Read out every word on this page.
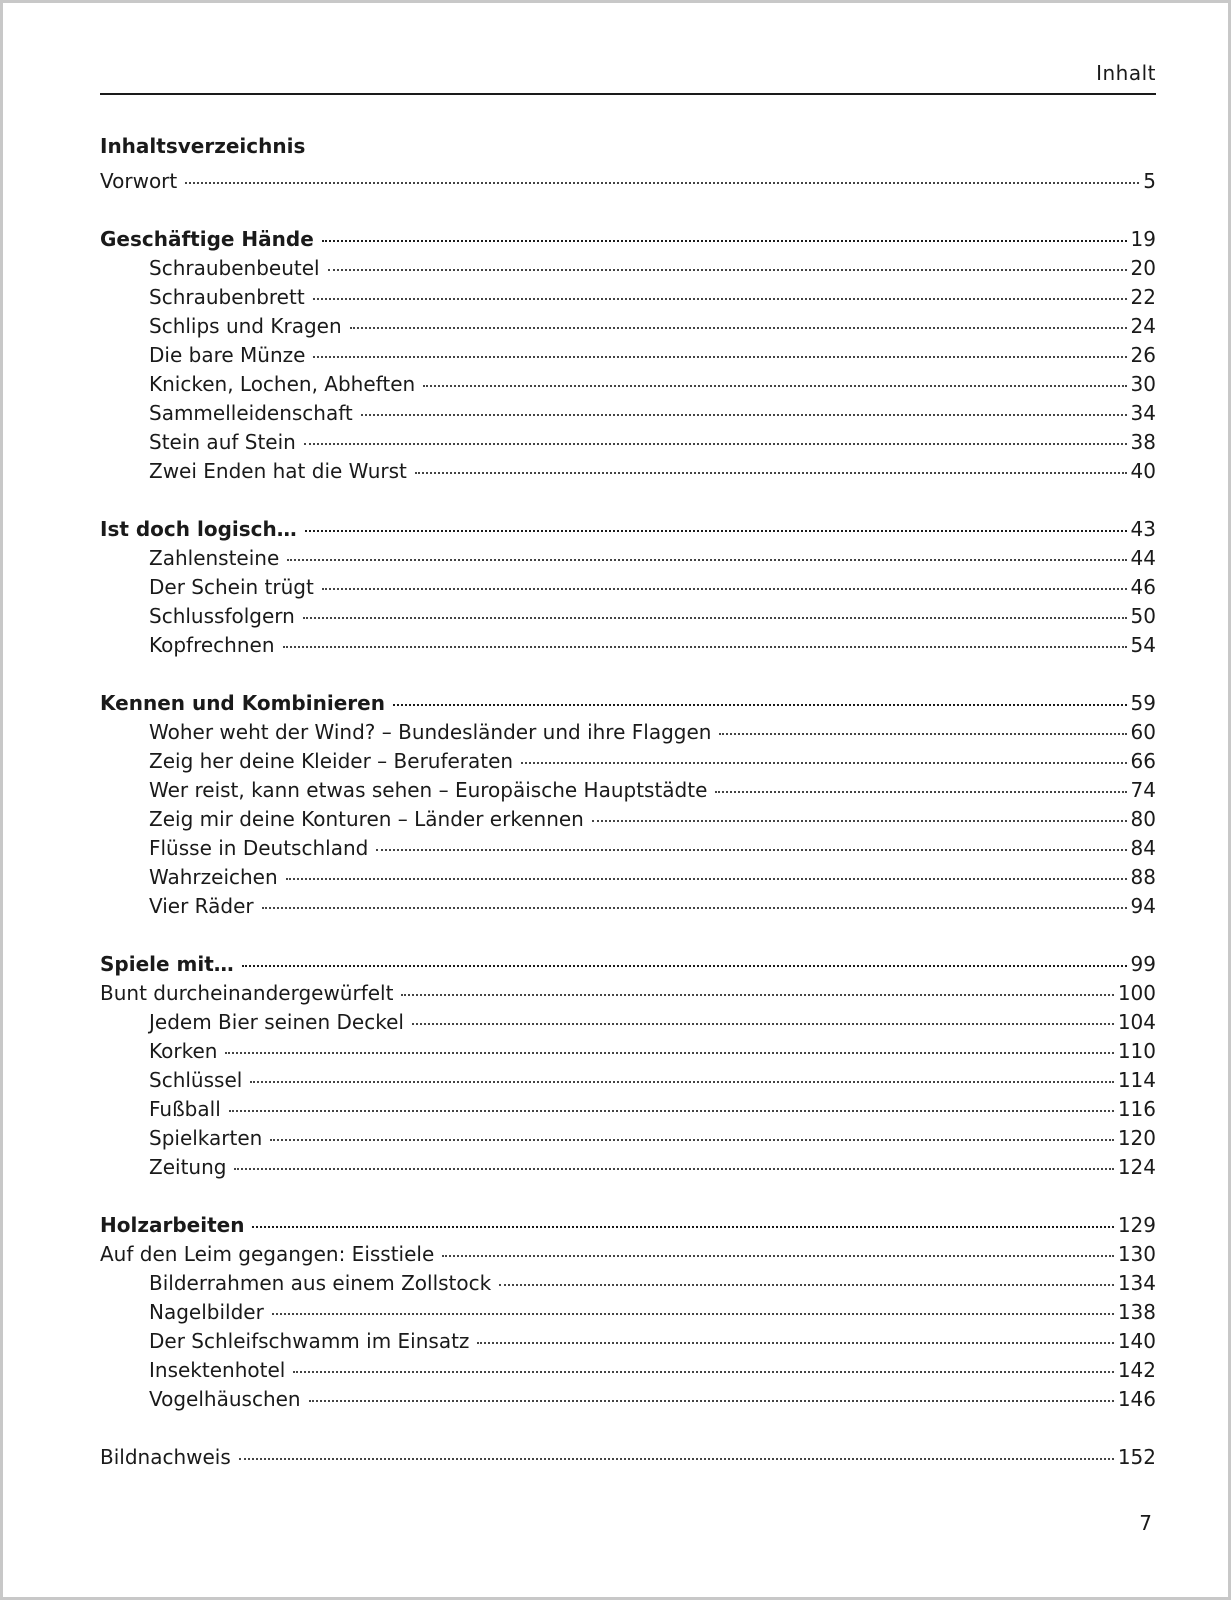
Inhalt
Inhaltsverzeichnis
Vorwort	5
Geschäftige Hände	19
Schraubenbeutel	20
Schraubenbrett	22
Schlips und Kragen	24
Die bare Münze	26
Knicken, Lochen, Abheften	30
Sammelleidenschaft	34
Stein auf Stein	38
Zwei Enden hat die Wurst	40
Ist doch logisch…	43
Zahlensteine	44
Der Schein trügt	46
Schlussfolgern	50
Kopfrechnen	54
Kennen und Kombinieren	59
Woher weht der Wind? – Bundesländer und ihre Flaggen	60
Zeig her deine Kleider – Beruferaten	66
Wer reist, kann etwas sehen – Europäische Hauptstädte	74
Zeig mir deine Konturen – Länder erkennen	80
Flüsse in Deutschland	84
Wahrzeichen	88
Vier Räder	94
Spiele mit…	99
Bunt durcheinandergewürfelt	100
Jedem Bier seinen Deckel	104
Korken	110
Schlüssel	114
Fußball	116
Spielkarten	120
Zeitung	124
Holzarbeiten	129
Auf den Leim gegangen: Eisstiele	130
Bilderrahmen aus einem Zollstock	134
Nagelbilder	138
Der Schleifschwamm im Einsatz	140
Insektenhotel	142
Vogelhäuschen	146
Bildnachweis	152
7
